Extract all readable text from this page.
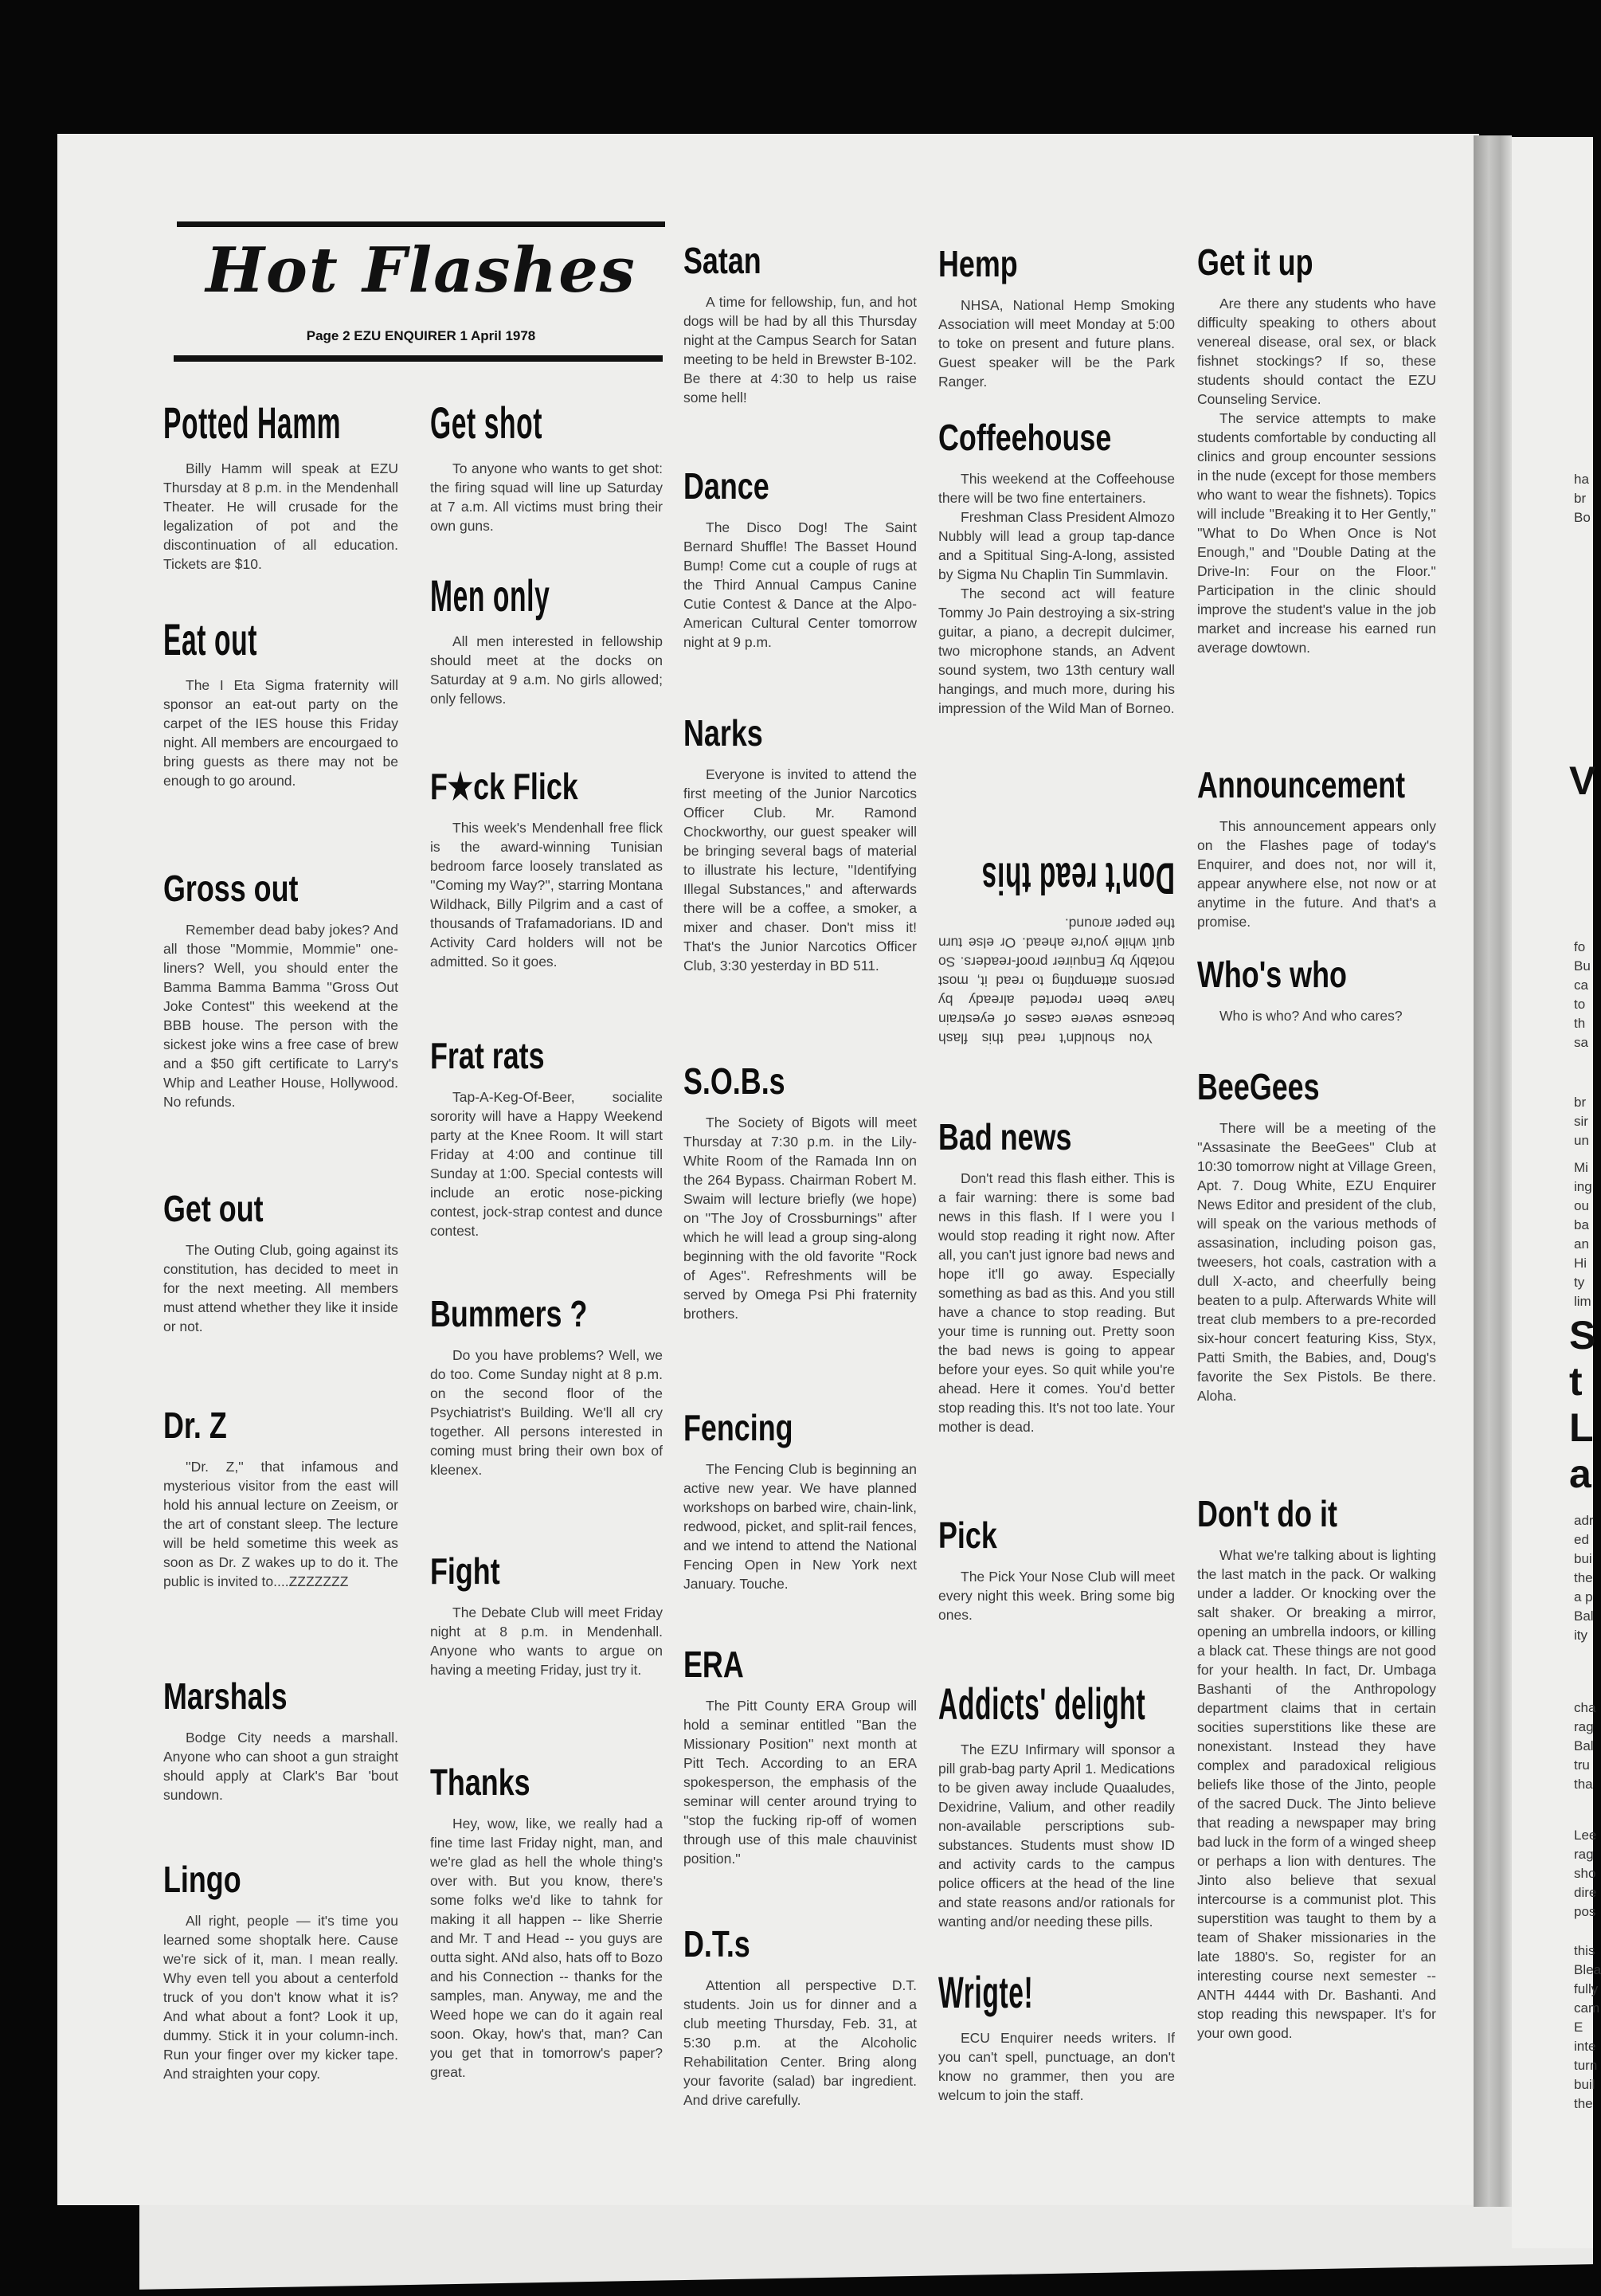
ha
br
Bo
fo
Bu
ca
to
th
sa
br
sir
un
Mi
ing
ou
ba
an
Hi
ty
lim
adr
ed
bui
the
a p
Bal
ity
cha
rag
Bal
tru
tha
Lee
rag
sho
dire
pos
this
Blea
fully
cam
E
inte
turn
buil
the
V
S
t
L
a
Hot Flashes
Page 2 EZU ENQUIRER 1 April 1978
Potted Hamm

Billy Hamm will speak at EZU Thursday at 8 p.m. in the Mendenhall Theater. He will crusade for the legalization of pot and the discontinuation of all education. Tickets are $10.

Eat out

The I Eta Sigma fraternity will sponsor an eat-out party on the carpet of the IES house this Friday night. All members are encourgaed to bring guests as there may not be enough to go around.

Gross out

Remember dead baby jokes? And all those ''Mommie, Mommie'' one-liners? Well, you should enter the Bamma Bamma Bamma ''Gross Out Joke Contest'' this weekend at the BBB house. The person with the sickest joke wins a free case of brew and a $50 gift certificate to Larry's Whip and Leather House, Hollywood. No refunds.

Get out

The Outing Club, going against its constitution, has decided to meet in for the next meeting. All members must attend whether they like it inside or not.

Dr. Z

''Dr. Z,'' that infamous and mysterious visitor from the east will hold his annual lecture on Zeeism, or the art of constant sleep. The lecture will be held sometime this week as soon as Dr. Z wakes up to do it. The public is invited to....ZZZZZZZ

Marshals

Bodge City needs a marshall. Anyone who can shoot a gun straight should apply at Clark's Bar 'bout sundown.

Lingo

All right, people — it's time you learned some shoptalk here. Cause we're sick of it, man. I mean really. Why even tell you about a centerfold truck of you don't know what it is? And what about a font? Look it up, dummy. Stick it in your column-inch. Run your finger over my kicker tape. And straighten your copy.

Get shot

To anyone who wants to get shot: the firing squad will line up Saturday at 7 a.m. All victims must bring their own guns.

Men only

All men interested in fellowship should meet at the docks on Saturday at 9 a.m. No girls allowed; only fellows.

F★ck Flick

This week's Mendenhall free flick is the award-winning Tunisian bedroom farce loosely translated as ''Coming my Way?'', starring Montana Wildhack, Billy Pilgrim and a cast of thousands of Trafamadorians. ID and Activity Card holders will not be admitted. So it goes.

Frat rats

Tap-A-Keg-Of-Beer, socialite sorority will have a Happy Weekend party at the Knee Room. It will start Friday at 4:00 and continue till Sunday at 1:00. Special contests will include an erotic nose-picking contest, jock-strap contest and dunce contest.

Bummers ?

Do you have problems? Well, we do too. Come Sunday night at 8 p.m. on the second floor of the Psychiatrist's Building. We'll all cry together. All persons interested in coming must bring their own box of kleenex.

Fight

The Debate Club will meet Friday night at 8 p.m. in Mendenhall. Anyone who wants to argue on having a meeting Friday, just try it.

Thanks

Hey, wow, like, we really had a fine time last Friday night, man, and we're glad as hell the whole thing's over with. But you know, there's some folks we'd like to tahnk for making it all happen -- like Sherrie and Mr. T and Head -- you guys are outta sight. ANd also, hats off to Bozo and his Connection -- thanks for the samples, man. Anyway, me and the Weed hope we can do it again real soon. Okay, how's that, man? Can you get that in tomorrow's paper? great.

Satan

A time for fellowship, fun, and hot dogs will be had by all this Thursday night at the Campus Search for Satan meeting to be held in Brewster B-102. Be there at 4:30 to help us raise some hell!

Dance

The Disco Dog! The Saint Bernard Shuffle! The Basset Hound Bump! Come cut a couple of rugs at the Third Annual Campus Canine Cutie Contest & Dance at the Alpo-American Cultural Center tomorrow night at 9 p.m.

Narks

Everyone is invited to attend the first meeting of the Junior Narcotics Officer Club. Mr. Ramond Chockworthy, our guest speaker will be bringing several bags of material to illustrate his lecture, ''Identifying Illegal Substances,'' and afterwards there will be a coffee, a smoker, a mixer and chaser. Don't miss it! That's the Junior Narcotics Officer Club, 3:30 yesterday in BD 511.

S.O.B.s

The Society of Bigots will meet Thursday at 7:30 p.m. in the Lily-White Room of the Ramada Inn on the 264 Bypass. Chairman Robert M. Swaim will lecture briefly (we hope) on ''The Joy of Crossburnings'' after which he will lead a group sing-along beginning with the old favorite ''Rock of Ages''. Refreshments will be served by Omega Psi Phi fraternity brothers.

Fencing

The Fencing Club is beginning an active new year. We have planned workshops on barbed wire, chain-link, redwood, picket, and split-rail fences, and we intend to attend the National Fencing Open in New York next January. Touche.

ERA

The Pitt County ERA Group will hold a seminar entitled ''Ban the Missionary Position'' next month at Pitt Tech. According to an ERA spokesperson, the emphasis of the seminar will center around trying to ''stop the fucking rip-off of women through use of this male chauvinist position.''

D.T.s

Attention all perspective D.T. students. Join us for dinner and a club meeting Thursday, Feb. 31, at 5:30 p.m. at the Alcoholic Rehabilitation Center. Bring along your favorite (salad) bar ingredient. And drive carefully.

Hemp

NHSA, National Hemp Smoking Association will meet Monday at 5:00 to toke on present and future plans. Guest speaker will be the Park Ranger.

Coffeehouse

This weekend at the Coffeehouse there will be two fine entertainers.

Freshman Class President Almozo Nubbly will lead a group tap-dance and a Spititual Sing-A-long, assisted by Sigma Nu Chaplin Tin Summlavin.

The second act will feature Tommy Jo Pain destroying a six-string guitar, a piano, a decrepit dulcimer, two microphone stands, an Advent sound system, two 13th century wall hangings, and much more, during his impression of the Wild Man of Borneo.

You shouldn't read this flash because severe cases of eyestrain have been reported already by persons attempting to read it, most notably by Enquirer proof-readers. So quit while you're ahead. Or else turn the paper around.

Don't read this
Bad news

Don't read this flash either. This is a fair warning: there is some bad news in this flash. If I were you I would stop reading it right now. After all, you can't just ignore bad news and hope it'll go away. Especially something as bad as this. And you still have a chance to stop reading. But your time is running out. Pretty soon the bad news is going to appear before your eyes. So quit while you're ahead. Here it comes. You'd better stop reading this. It's not too late. Your mother is dead.

Pick

The Pick Your Nose Club will meet every night this week. Bring some big ones.

Addicts' delight

The EZU Infirmary will sponsor a pill grab-bag party April 1. Medications to be given away include Quaaludes, Dexidrine, Valium, and other readily non-available perscriptions sub-substances. Students must show ID and activity cards to the campus police officers at the head of the line and state reasons and/or rationals for wanting and/or needing these pills.

Wrigte!

ECU Enquirer needs writers. If you can't spell, punctuage, an don't know no grammer, then you are welcum to join the staff.

Get it up

Are there any students who have difficulty speaking to others about venereal disease, oral sex, or black fishnet stockings? If so, these students should contact the EZU Counseling Service.

The service attempts to make students comfortable by conducting all clinics and group encounter sessions in the nude (except for those members who want to wear the fishnets). Topics will include ''Breaking it to Her Gently,'' ''What to Do When Once is Not Enough,'' and ''Double Dating at the Drive-In: Four on the Floor.'' Participation in the clinic should improve the student's value in the job market and increase his earned run average dowtown.

Announcement

This announcement appears only on the Flashes page of today's Enquirer, and does not, nor will it, appear anywhere else, not now or at anytime in the future. And that's a promise.

Who's who

Who is who? And who cares?

BeeGees

There will be a meeting of the ''Assasinate the BeeGees'' Club at 10:30 tomorrow night at Village Green, Apt. 7. Doug White, EZU Enquirer News Editor and president of the club, will speak on the various methods of assasination, including poison gas, tweesers, hot coals, castration with a dull X-acto, and cheerfully being beaten to a pulp. Afterwards White will treat club members to a pre-recorded six-hour concert featuring Kiss, Styx, Patti Smith, the Babies, and, Doug's favorite the Sex Pistols. Be there. Aloha.

Don't do it

What we're talking about is lighting the last match in the pack. Or walking under a ladder. Or knocking over the salt shaker. Or breaking a mirror, opening an umbrella indoors, or killing a black cat. These things are not good for your health. In fact, Dr. Umbaga Bashanti of the Anthropology department claims that in certain socities superstitions like these are nonexistant. Instead they have complex and paradoxical religious beliefs like those of the Jinto, people of the sacred Duck. The Jinto believe that reading a newspaper may bring bad luck in the form of a winged sheep or perhaps a lion with dentures. The Jinto also believe that sexual intercourse is a communist plot. This superstition was taught to them by a team of Shaker missionaries in the late 1880's. So, register for an interesting course next semester -- ANTH 4444 with Dr. Bashanti. And stop reading this newspaper. It's for your own good.
